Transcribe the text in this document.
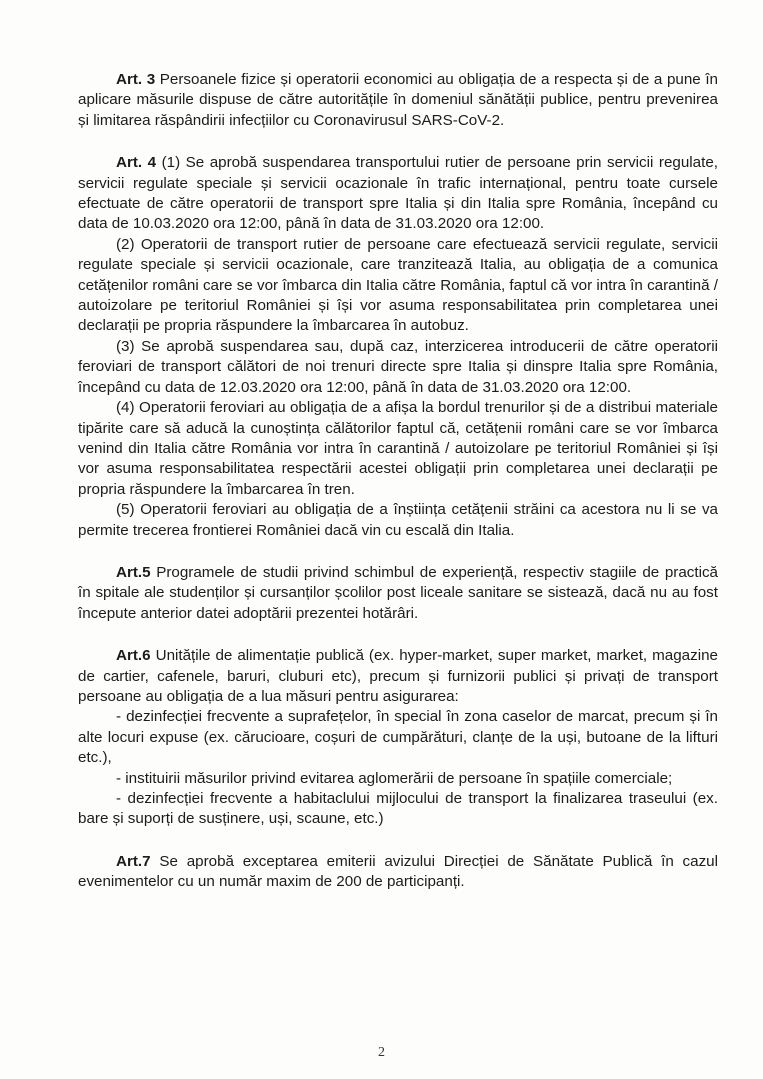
Art. 3 Persoanele fizice și operatorii economici au obligația de a respecta și de a pune în aplicare măsurile dispuse de către autoritățile în domeniul sănătății publice, pentru prevenirea și limitarea răspândirii infecțiilor cu Coronavirusul SARS-CoV-2.

Art. 4 (1) Se aprobă suspendarea transportului rutier de persoane prin servicii regulate, servicii regulate speciale și servicii ocazionale în trafic internațional, pentru toate cursele efectuate de către operatorii de transport spre Italia și din Italia spre România, începând cu data de 10.03.2020 ora 12:00, până în data de 31.03.2020 ora 12:00.

(2) Operatorii de transport rutier de persoane care efectuează servicii regulate, servicii regulate speciale și servicii ocazionale, care tranzitează Italia, au obligația de a comunica cetățenilor români care se vor îmbarca din Italia către România, faptul că vor intra în carantină / autoizolare pe teritoriul României și își vor asuma responsabilitatea prin completarea unei declarații pe propria răspundere la îmbarcarea în autobuz.

(3) Se aprobă suspendarea sau, după caz, interzicerea introducerii de către operatorii feroviari de transport călători de noi trenuri directe spre Italia și dinspre Italia spre România, începând cu data de 12.03.2020 ora 12:00, până în data de 31.03.2020 ora 12:00.

(4) Operatorii feroviari au obligația de a afișa la bordul trenurilor și de a distribui materiale tipărite care să aducă la cunoștința călătorilor faptul că, cetățenii români care se vor îmbarca venind din Italia către România vor intra în carantină / autoizolare pe teritoriul României și își vor asuma responsabilitatea respectării acestei obligații prin completarea unei declarații pe propria răspundere la îmbarcarea în tren.

(5) Operatorii feroviari au obligația de a înștiința cetățenii străini ca acestora nu li se va permite trecerea frontierei României dacă vin cu escală din Italia.

Art.5 Programele de studii privind schimbul de experiență, respectiv stagiile de practică în spitale ale studenților și cursanților școlilor post liceale sanitare se sistează, dacă nu au fost începute anterior datei adoptării prezentei hotărâri.

Art.6 Unitățile de alimentație publică (ex. hyper-market, super market, market, magazine de cartier, cafenele, baruri, cluburi etc), precum și furnizorii publici și privați de transport persoane au obligația de a lua măsuri pentru asigurarea:

- dezinfecției frecvente a suprafețelor, în special în zona caselor de marcat, precum și în alte locuri expuse (ex. cărucioare, coșuri de cumpărături, clanțe de la uși, butoane de la lifturi etc.),

- instituirii măsurilor privind evitarea aglomerării de persoane în spațiile comerciale;

- dezinfecției frecvente a habitaclului mijlocului de transport la finalizarea traseului (ex. bare și suporți de susținere, uși, scaune, etc.)

Art.7 Se aprobă exceptarea emiterii avizului Direcției de Sănătate Publică în cazul evenimentelor cu un număr maxim de 200 de participanți.

2
